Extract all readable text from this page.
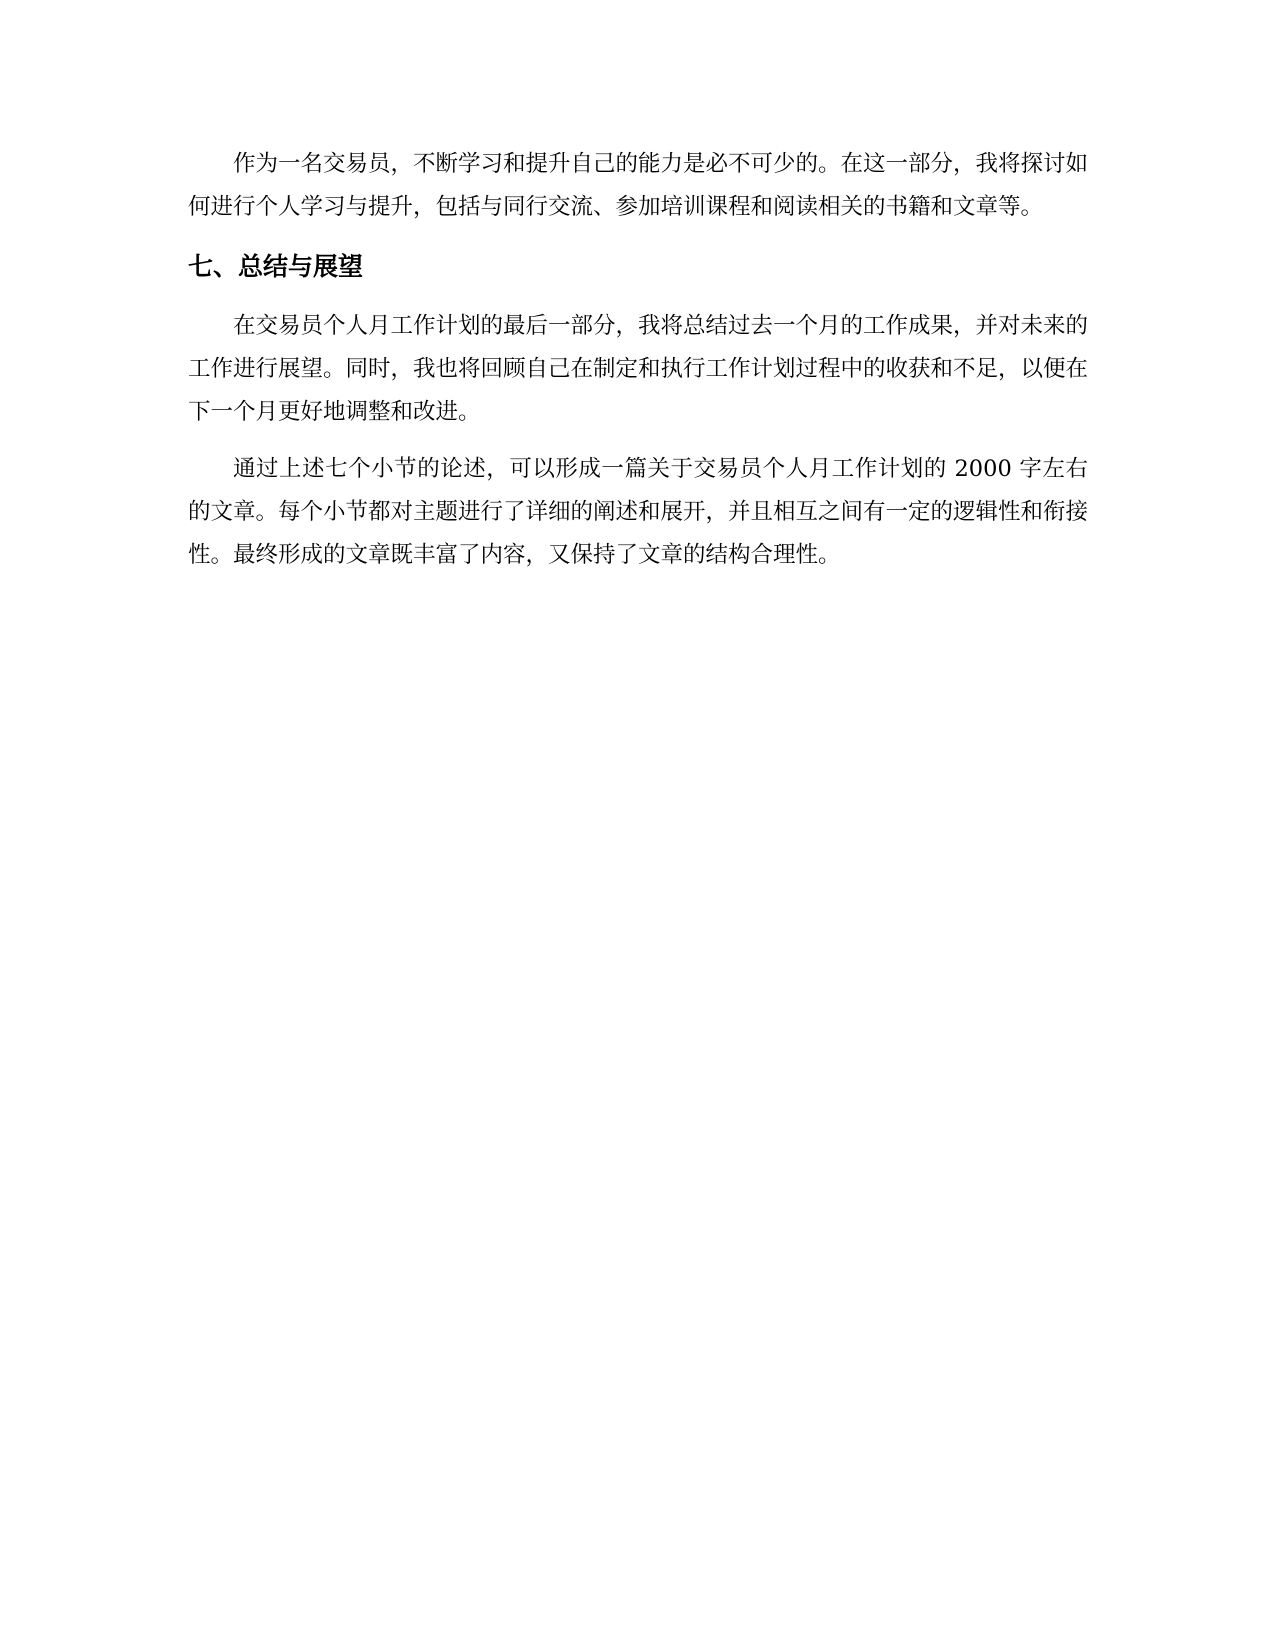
作为一名交易员，不断学习和提升自己的能力是必不可少的。在这一部分，我将探讨如何进行个人学习与提升，包括与同行交流、参加培训课程和阅读相关的书籍和文章等。

七、总结与展望

在交易员个人月工作计划的最后一部分，我将总结过去一个月的工作成果，并对未来的工作进行展望。同时，我也将回顾自己在制定和执行工作计划过程中的收获和不足，以便在下一个月更好地调整和改进。

通过上述七个小节的论述，可以形成一篇关于交易员个人月工作计划的 2000 字左右的文章。每个小节都对主题进行了详细的阐述和展开，并且相互之间有一定的逻辑性和衔接性。最终形成的文章既丰富了内容，又保持了文章的结构合理性。
